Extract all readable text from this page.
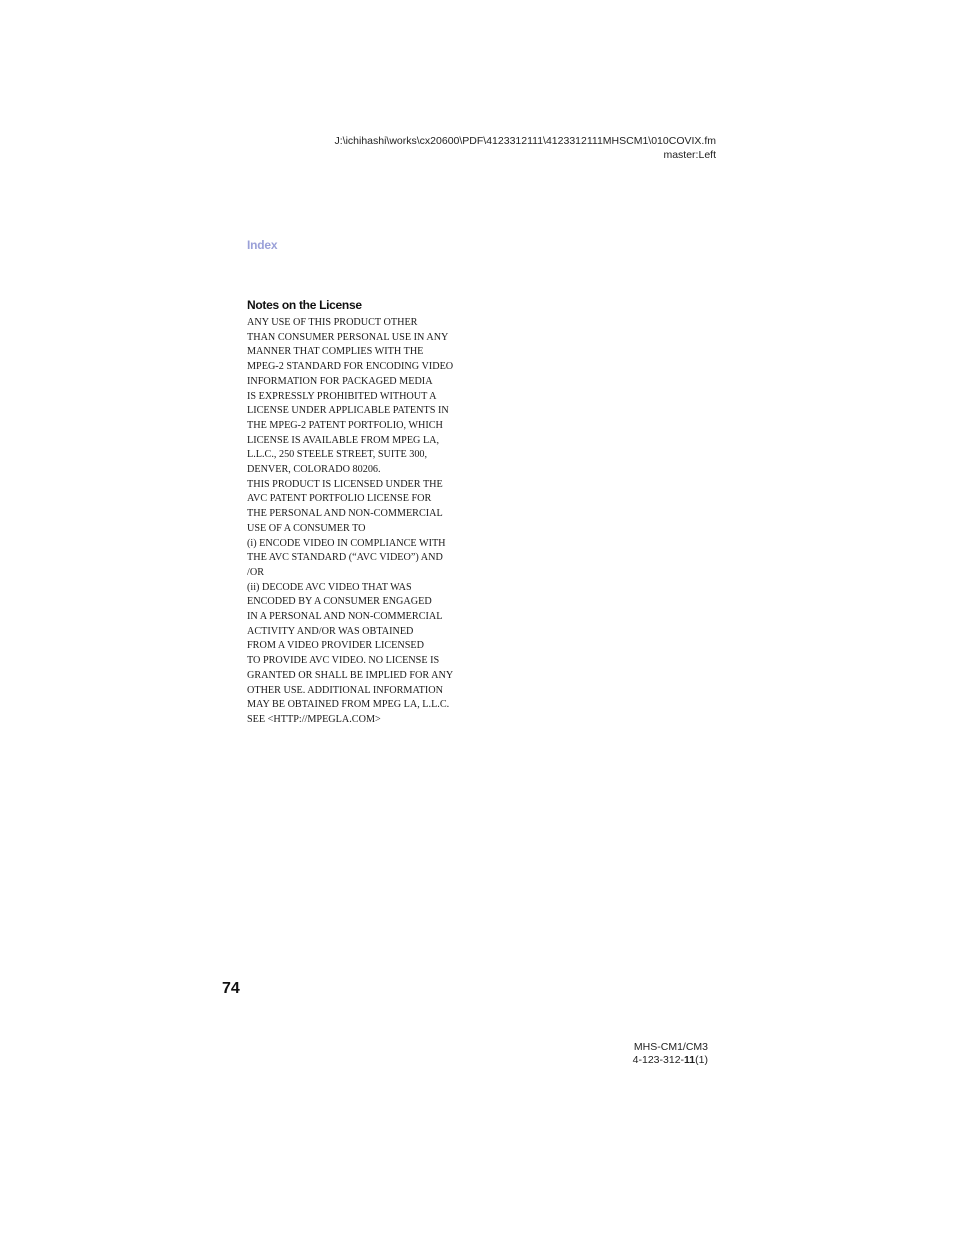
J:\ichihashi\works\cx20600\PDF\4123312111\4123312111MHSCM1\010COVIX.fm
master:Left
Index
Notes on the License
ANY USE OF THIS PRODUCT OTHER
THAN CONSUMER PERSONAL USE IN ANY
MANNER THAT COMPLIES WITH THE
MPEG-2 STANDARD FOR ENCODING VIDEO
INFORMATION FOR PACKAGED MEDIA
IS EXPRESSLY PROHIBITED WITHOUT A
LICENSE UNDER APPLICABLE PATENTS IN
THE MPEG-2 PATENT PORTFOLIO, WHICH
LICENSE IS AVAILABLE FROM MPEG LA,
L.L.C., 250 STEELE STREET, SUITE 300,
DENVER, COLORADO 80206.
THIS PRODUCT IS LICENSED UNDER THE
AVC PATENT PORTFOLIO LICENSE FOR
THE PERSONAL AND NON-COMMERCIAL
USE OF A CONSUMER TO
(i) ENCODE VIDEO IN COMPLIANCE WITH
THE AVC STANDARD (“AVC VIDEO”) AND
/OR
(ii) DECODE AVC VIDEO THAT WAS
ENCODED BY A CONSUMER ENGAGED
IN A PERSONAL AND NON-COMMERCIAL
ACTIVITY AND/OR WAS OBTAINED
FROM A VIDEO PROVIDER LICENSED
TO PROVIDE AVC VIDEO. NO LICENSE IS
GRANTED OR SHALL BE IMPLIED FOR ANY
OTHER USE. ADDITIONAL INFORMATION
MAY BE OBTAINED FROM MPEG LA, L.L.C.
SEE <HTTP://MPEGLA.COM>
74
MHS-CM1/CM3
4-123-312-11(1)
